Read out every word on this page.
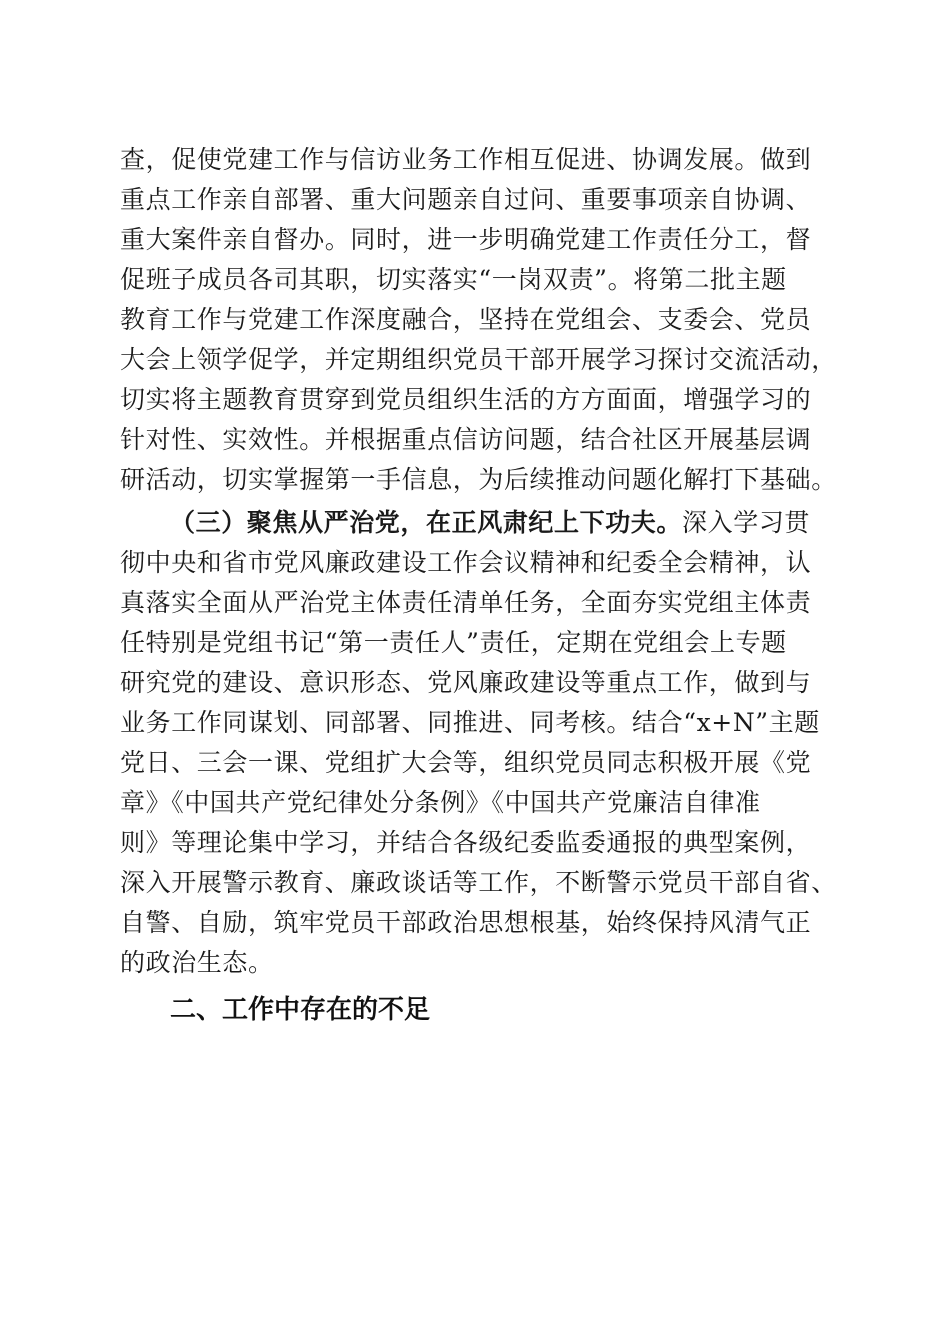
查，促使党建工作与信访业务工作相互促进、协调发展。做到
重点工作亲自部署、重大问题亲自过问、重要事项亲自协调、
重大案件亲自督办。同时，进一步明确党建工作责任分工，督
促班子成员各司其职，切实落实“一岗双责”。将第二批主题
教育工作与党建工作深度融合，坚持在党组会、支委会、党员
大会上领学促学，并定期组织党员干部开展学习探讨交流活动，
切实将主题教育贯穿到党员组织生活的方方面面，增强学习的
针对性、实效性。并根据重点信访问题，结合社区开展基层调
研活动，切实掌握第一手信息，为后续推动问题化解打下基础。
（三）聚焦从严治党，在正风肃纪上下功夫。深入学习贯
彻中央和省市党风廉政建设工作会议精神和纪委全会精神，认
真落实全面从严治党主体责任清单任务，全面夯实党组主体责
任特别是党组书记“第一责任人”责任，定期在党组会上专题
研究党的建设、意识形态、党风廉政建设等重点工作，做到与
业务工作同谋划、同部署、同推进、同考核。结合“x+N”主题
党日、三会一课、党组扩大会等，组织党员同志积极开展《党
章》《中国共产党纪律处分条例》《中国共产党廉洁自律准
则》等理论集中学习，并结合各级纪委监委通报的典型案例，
深入开展警示教育、廉政谈话等工作，不断警示党员干部自省、
自警、自励，筑牢党员干部政治思想根基，始终保持风清气正
的政治生态。
二、工作中存在的不足
